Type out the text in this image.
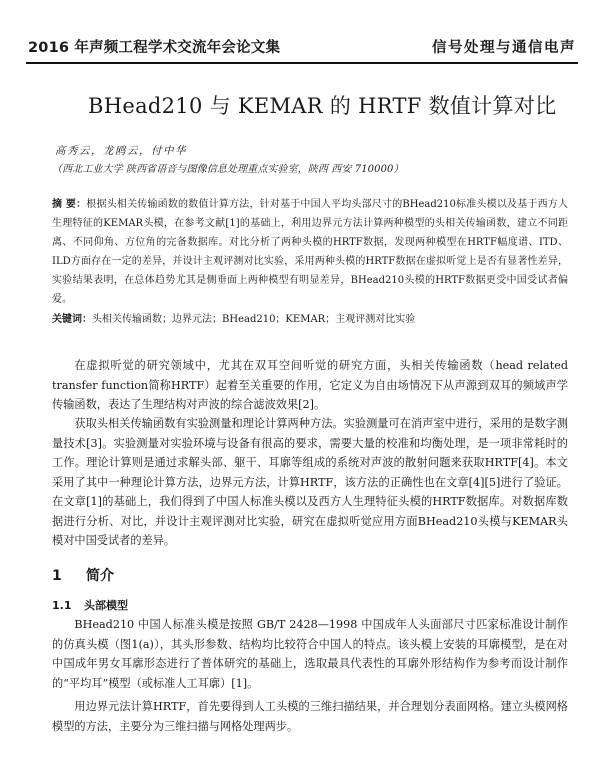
2016 年声频工程学术交流年会论文集	信号处理与通信电声
BHead210 与 KEMAR 的 HRTF 数值计算对比
高秀云，龙鸥云，付中华
（西北工业大学 陕西省语音与图像信息处理重点实验室，陕西 西安 710000）
摘 要：根据头相关传输函数的数值计算方法，针对基于中国人平均头部尺寸的BHead210标准头模以及基于西方人生理特征的KEMAR头模，在参考文献[1]的基础上，利用边界元方法计算两种模型的头相关传输函数，建立不同距离、不同仰角、方位角的完备数据库。对比分析了两种头模的HRTF数据，发现两种模型在HRTF幅度谱、ITD、ILD方面存在一定的差异，并设计主观评测对比实验，采用两种头模的HRTF数据在虚拟听觉上是否有显著性差异，实验结果表明，在总体趋势尤其是侧垂面上两种模型有明显差异，BHead210头模的HRTF数据更受中国受试者偏爱。
关键词：头相关传输函数；边界元法；BHead210；KEMAR；主观评测对比实验

在虚拟听觉的研究领域中，尤其在双耳空间听觉的研究方面，头相关传输函数（head related transfer function简称HRTF）起着至关重要的作用，它定义为自由场情况下从声源到双耳的频域声学传输函数，表达了生理结构对声波的综合滤波效果[2]。

获取头相关传输函数有实验测量和理论计算两种方法。实验测量可在消声室中进行，采用的是数字测量技术[3]。实验测量对实验环境与设备有很高的要求，需要大量的校准和均衡处理，是一项非常耗时的工作。理论计算则是通过求解头部、躯干、耳廓等组成的系统对声波的散射问题来获取HRTF[4]。本文采用了其中一种理论计算方法，边界元方法，计算HRTF，该方法的正确性也在文章[4][5]进行了验证。在文章[1]的基础上，我们得到了中国人标准头模以及西方人生理特征头模的HRTF数据库。对数据库数据进行分析、对比，并设计主观评测对比实验，研究在虚拟听觉应用方面BHead210头模与KEMAR头模对中国受试者的差异。

1 简介
1.1 头部模型

BHead210 中国人标准头模是按照 GB/T 2428—1998 中国成年人头面部尺寸匹家标准设计制作的仿真头模（图1(a)），其头形参数、结构均比较符合中国人的特点。该头模上安装的耳廓模型，是在对中国成年男女耳廓形态进行了普体研究的基础上，选取最具代表性的耳廓外形结构作为参考而设计制作的“平均耳”模型（或标准人工耳廓）[1]。

用边界元法计算HRTF，首先要得到人工头模的三维扫描结果，并合理划分表面网格。建立头模网格模型的方法，主要分为三维扫描与网格处理两步。
